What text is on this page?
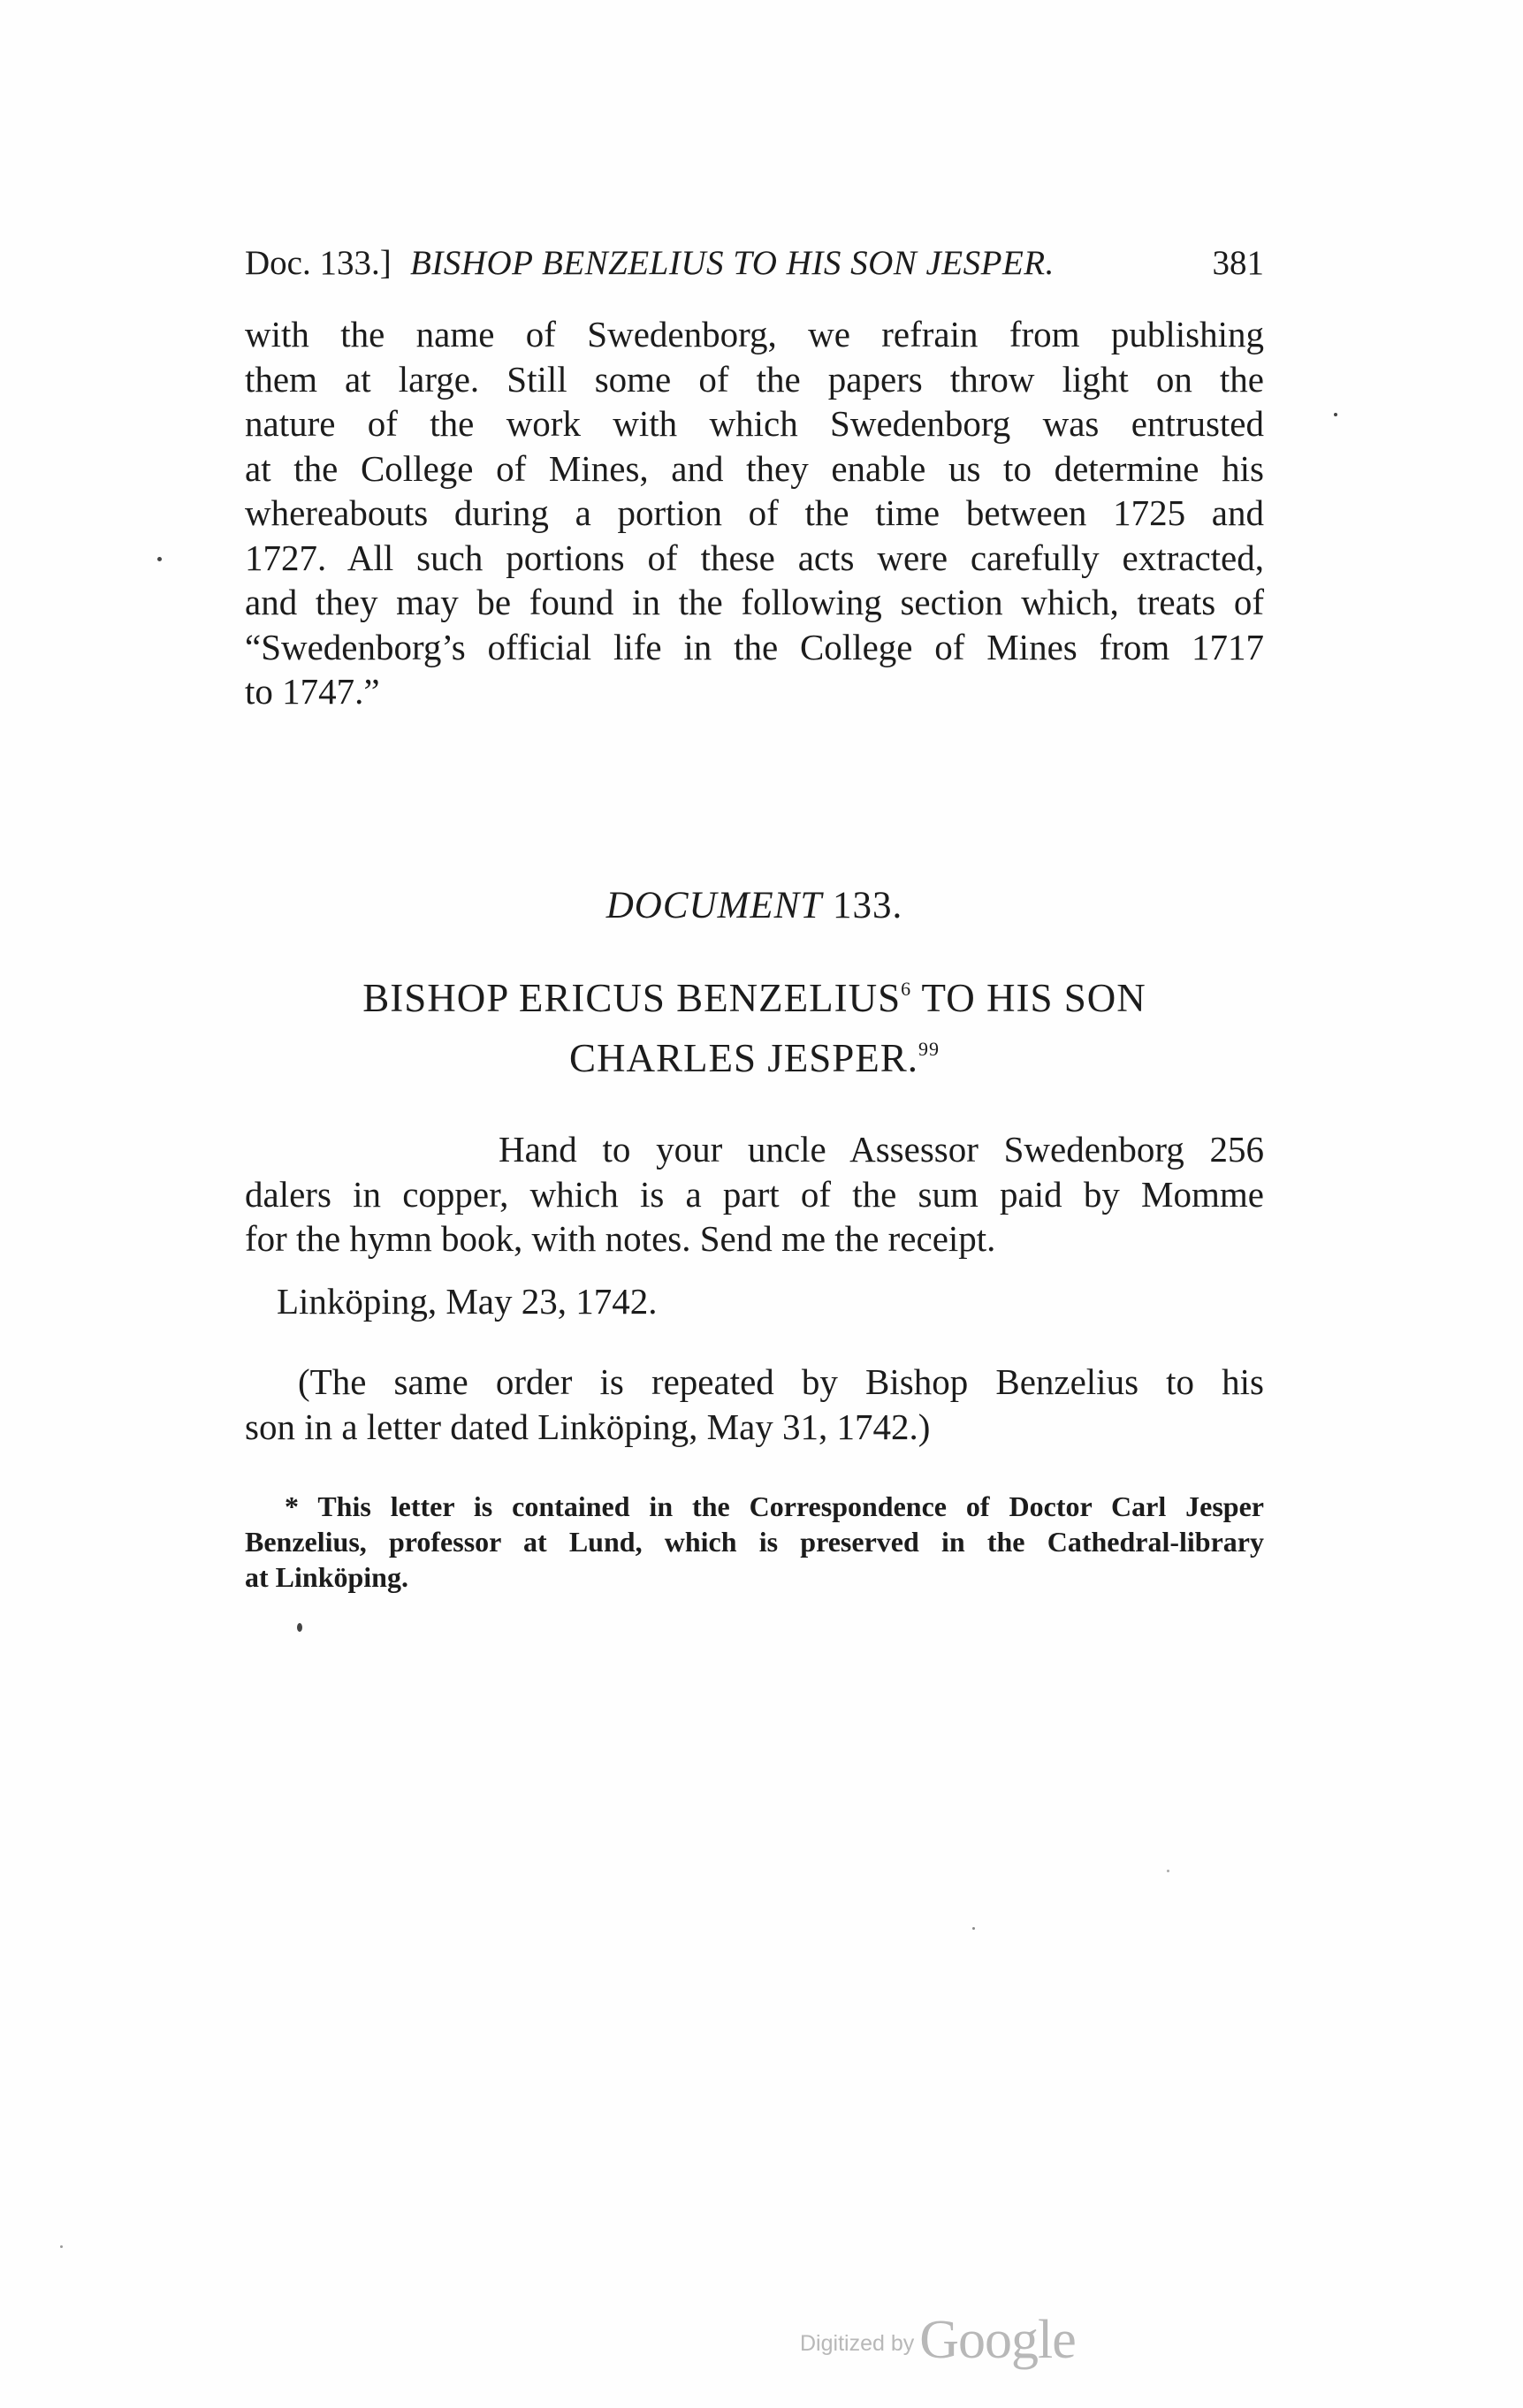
Doc. 133.] BISHOP BENZELIUS TO HIS SON JESPER.	381
with the name of Swedenborg, we refrain from publishing
them at large. Still some of the papers throw light on the
nature of the work with which Swedenborg was entrusted
at the College of Mines, and they enable us to determine his
whereabouts during a portion of the time between 1725 and
1727. All such portions of these acts were carefully extracted,
and they may be found in the following section which, treats of
“Swedenborg’s official life in the College of Mines from 1717
to 1747.”
DOCUMENT 133.
BISHOP ERICUS BENZELIUS$^6$ TO HIS SON
CHARLES JESPER.$^{99}$
Hand to your uncle Assessor Swedenborg 256
dalers in copper, which is a part of the sum paid by Momme
for the hymn book, with notes. Send me the receipt.
Linköping, May 23, 1742.
(The same order is repeated by Bishop Benzelius to his
son in a letter dated Linköping, May 31, 1742.)
* This letter is contained in the Correspondence of Doctor Carl Jesper
Benzelius, professor at Lund, which is preserved in the Cathedral-library
at Linköping.
Digitized byGoogle
